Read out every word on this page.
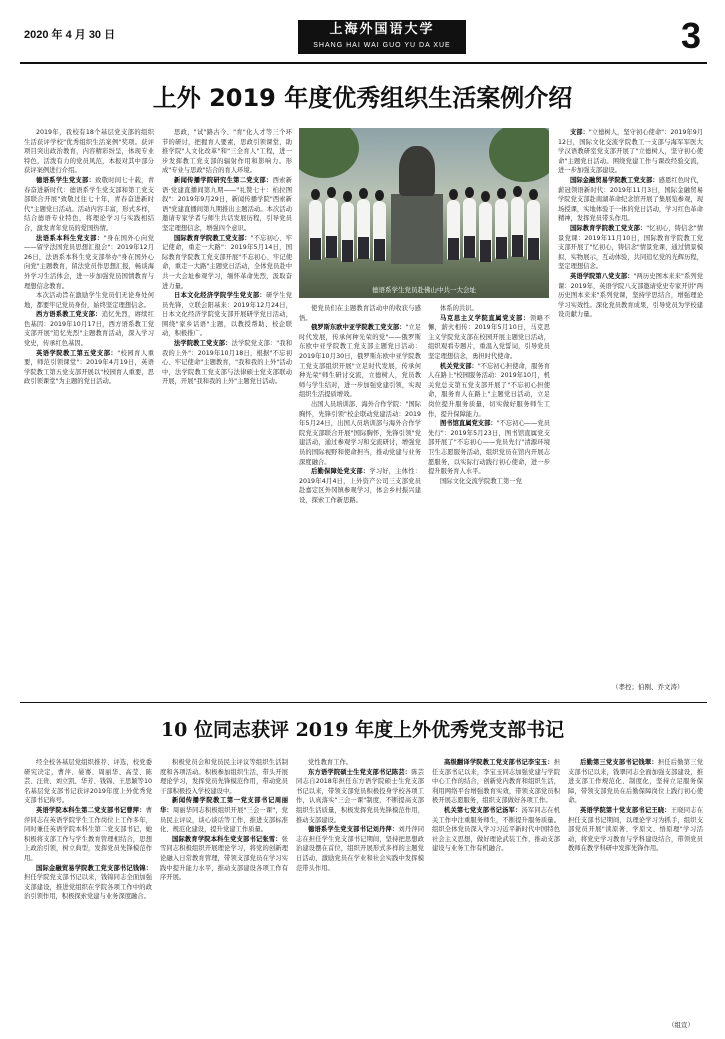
2020 年 4 月 30 日	上海外国语大学
SHANG HAI WAI GUO YU DA XUE	3
上外 2019 年度优秀组织生活案例介绍

2019年，我校有18个基层党支部的组织生活获评学校"优秀组织生活案例"奖项。获评项目突出政治教育，内容精彩纷呈，体现专业特色，活泼有力的党员风范，本报对其中部分获评案例进行介绍。

德语系学生党支部：致敬时间七十载，青春奋进新时代：德语系学生党支部和第工党支部联合开展"致敬过往七十年，青春奋进新时代"主题党日活动。活动内容丰富，形式多样，结合德语专业特色，将理论学习与实践相结合，激发青年党员的爱国热情。

法语系本科生党支部："身在国外心向党——留学法国党员思想汇报会"：2019年12月26日，法语系本科生党支部举办"身在国外心向党"主题教育，留法党员作思想汇报，畅谈海外学习生活体会，进一步加强党员国情教育与理想信念教育。

本次活动旨在激励学生党员们无论身处何地，都要牢记党员身份，始终坚定理想信念。

西方语系教工党支部：追忆先烈，赓续红色基因：2019年10月17日，西方语系教工党支部开展"追忆先烈"主题教育活动，深入学习党史，传承红色基因。

英语学院教工第五党支部："校园育人重要，师范引领课堂"：2019年4月19日，英语学院教工第五党支部开展以"校园育人重要，思政引领课堂"为主题的党日活动。

思政，"试"路古今、"育"化人才等三个环节的研讨，把握育人要素，思政引领课堂，助推学院"人文化改革"和"三全育人"工程，进一步发挥教工党支部的辐射作用和影响力。形成"专业与思政"结合的育人环境。

新闻传播学院研究生第二党支部：西索新语·党建直播间第九期——"礼赞七十：柏拉图叙"：2019年9月29日，新闻传播学院"西索新语"党建直播间第九期推出主题活动。本次活动邀请专家学者与师生共话发展历程，引导党员坚定理想信念，增强四个意识。

国际教育学院教工党支部："不忘初心、牢记使命，重走一大路"：2019年5月14日，国际教育学院教工党支部开展"不忘初心、牢记使命，重走一大路"主题党日活动，全体党员赴中共一大会址参观学习，缅怀革命先烈，汲取奋进力量。

日本文化经济学院学生党支部：研学生党员先锋，立联会阳基来：2019年12月24日，日本文化经济学院党支部开展研学党日活动，围绕"家乡话语"主题，以教授帮助、校企联动，积极推广。

法学院教工党支部：法学院党支部："我和我的上外"：2019年10月18日，根据"不忘初心、牢记使命"主题教育，"我和我的上外"活动中，法学院教工党支部与法律硕士党支部联动开展，开展"我和我的上外"主题党日活动。

德语系学生党员赴佛山中共一大会址

使党员们在主题教育活动中的收获与感悟。

俄罗斯东欧中亚学院教工党支部："立足时代发展，传承何种光荣的党"——俄罗斯东欧中亚学院教工党支部主题党日活动：2019年10月30日，俄罗斯东欧中亚学院教工党支部组织开展"立足时代发展，传承何种光荣"师生研讨交流，立德树人，党员教师与学生结对，进一步加强党建引领，实现组织生活提质增效。

出国人员培训部、海外合作学院："国际胸怀，先锋引领"校企联动党建活动：2019年5月24日，出国人员培训部与海外合作学院党支部联合开展"国际胸怀，先锋引领"党建活动，通过参观学习和交流研讨，增强党员的国际视野和使命担当，推动党建与业务深度融合。

后勤保障处党支部：学习好，主体性：2019年4月4日，上外资产公司三支部党员赴嘉定区外冈镇参观学习，体会乡村振兴建设，探索工作新思路。

体系的共识。

马克思主义学院直属党支部：领略不懈，薪火相传：2019年5月10日，马克思主义学院党支部在校园开展主题党日活动，组织观看专题片，重温入党誓词，引导党员坚定理想信念，勇担时代使命。

机关党支部："不忘初心担使命，服务育人在路上"校园服务活动：2019年10月，机关党总支第五党支部开展了"不忘初心担使命，服务育人在路上"主题党日活动，立足岗位提升服务质量，切实做好服务师生工作，提升保障能力。

图书馆直属党支部："不忘初心——党员先行"：2019年5月23日，图书馆直属党支部开展了"不忘初心——党员先行"清源环境卫生志愿服务活动，组织党员在馆内开展志愿服务，以实际行动践行初心使命，进一步提升服务育人水平。

国际文化交流学院教工第一党

支部："立德树人，坚守初心使命"：2019年9月12日，国际文化交流学院教工一支部与海军军医大学汉语教研室党支部开展了"立德树人，坚守初心使命"主题党日活动。围绕党建工作与课改经验交流，进一步加强支部建设。

国际金融贸易学院教工党支部：感恩红色时代，薪冠领语新时代：2019年11月3日，国际金融贸易学院党支部赴南湖革命纪念馆开展了集展览参观，现场授课，实地体验于一体的党日活动，学习红色革命精神，发挥党员带头作用。

国际教育学院教工党支部："忆初心，铸信念"情景党课：2019年11月10日，国际教育学院教工党支部开展了"忆初心，铸信念"情景党课，通过情景模拟，实物展示，互动体验，共同追忆党的光辉历程，坚定理想信念。

英语学院第八党支部："两历史图本来来"系列党课：2019年，英语学院八支部邀请党史专家开讲"两历史图本来来"系列党课，坚持学思结合，增强理论学习实效性。深化党员教育成果，引导党员为学校建设贡献力量。

（孝控；伯刚、乔文涛）
10 位同志获评 2019 年度上外优秀党支部书记

经全校各基层党组织推荐、评选，校党委研究决定，曹萍、晏骞、周丽华、高莹、陈芸、汪贵、刘立凯、华芳、钱锦、王思颖等10名基层党支部书记获评2019年度上外优秀党支部书记称号。

英语学院本科生第二党支部书记曹萍：曹萍同志在英语学院学生工作岗位上工作多年，同时兼任英语学院本科生第二党支部书记，她积极将支部工作与学生教育管理相结合，思想上政治引领，树立典型，发挥党员先锋模范作用。

国际金融贸易学院教工党支部书记钱锦：担任学院党支部书记以来，钱锦同志全面加强支部建设，推进党组织在学院各项工作中的政治引领作用，积极探索党建与业务深度融合。

积极党员会和党员民主评议等组织生活制度和各项活动。积极参加组织生活，带头开展理论学习，发挥党员先锋模范作用，带动党员干部积极投入学校建设中。

新闻传播学院教工第一党支部书记周丽华：周丽华同志积极组织开展"三会一课"，党员民主评议，谈心谈话等工作，推进支部标准化、规范化建设，提升党建工作质量。

国际教育学院本科生党支部书记张雪：张雪同志积极组织开展理论学习，将党的创新理论融入日常教育管理，带领支部党员在学习实践中提升能力水平，推动支部建设各项工作有序开展。

党性教育工作。

东方语学院硕士生党支部书记陈芸：陈芸同志自2018年担任东方语学院硕士生党支部书记以来，带领支部党员积极投身学校各项工作，认真落实"三会一课"制度，不断提高支部组织生活质量，积极发挥党员先锋模范作用，推动支部建设。

德语系学生党支部书记刘丹萍：刘丹萍同志在担任学生党支部书记期间，坚持把思想政治建设摆在首位，组织开展形式多样的主题党日活动，激励党员在学业和社会实践中发挥模范带头作用。

高级翻译学院教工党支部书记李宝玉：担任支部书记以来，李宝玉同志加强党建与学院中心工作的结合，创新党内教育和组织生活，利用网络平台增强教育实效，带领支部党员积极开展志愿服务，组织支部做好各项工作。

机关第七党支部书记汤军：汤军同志在机关工作中注重服务师生，不断提升服务质量。组织全体党员深入学习习近平新时代中国特色社会主义思想，做好理论武装工作，推动支部建设与业务工作有机融合。

后勤第三党支部书记钱翠：担任后勤第三党支部书记以来，钱翠同志全面加强支部建设，推进支部工作规范化、制度化，坚持立足服务保障，带领支部党员在后勤保障岗位上践行初心使命。

英语学院第十党支部书记王晓：王晓同志在担任支部书记期间，以理论学习为抓手，组织支部党员开展"读原著、学原文、悟原理"学习活动，将党史学习教育与学科建设结合，带领党员教师在教学科研中发挥先锋作用。

（组宣）
